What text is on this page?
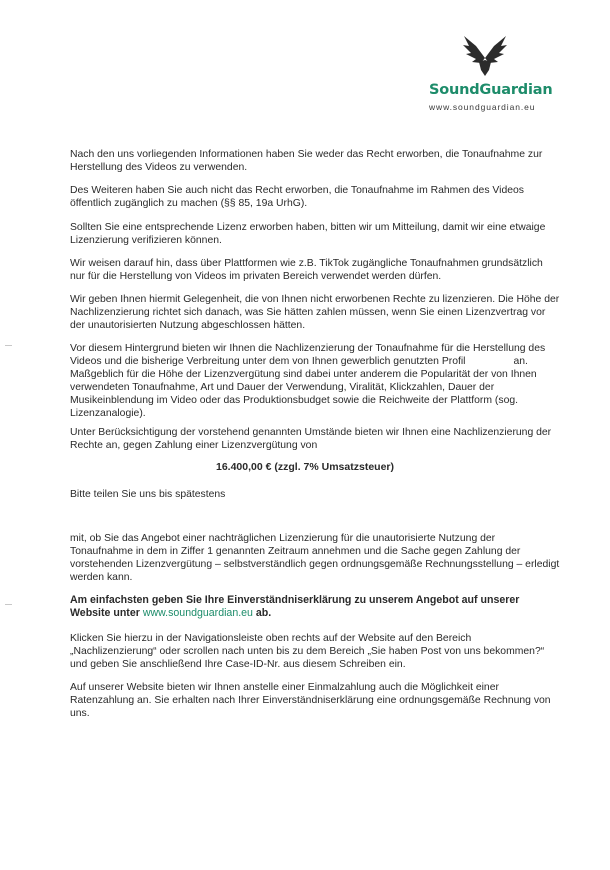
SoundGuardian
www.soundguardian.eu

Nach den uns vorliegenden Informationen haben Sie weder das Recht erworben, die Tonaufnahme zur Herstellung des Videos zu verwenden.

Des Weiteren haben Sie auch nicht das Recht erworben, die Tonaufnahme im Rahmen des Videos öffentlich zugänglich zu machen (§§ 85, 19a UrhG).

Sollten Sie eine entsprechende Lizenz erworben haben, bitten wir um Mitteilung, damit wir eine etwaige Lizenzierung verifizieren können.

Wir weisen darauf hin, dass über Plattformen wie z.B. TikTok zugängliche Tonaufnahmen grundsätzlich nur für die Herstellung von Videos im privaten Bereich verwendet werden dürfen.

Wir geben Ihnen hiermit Gelegenheit, die von Ihnen nicht erworbenen Rechte zu lizenzieren. Die Höhe der Nachlizenzierung richtet sich danach, was Sie hätten zahlen müssen, wenn Sie einen Lizenzvertrag vor der unautorisierten Nutzung abgeschlossen hätten.

Vor diesem Hintergrund bieten wir Ihnen die Nachlizenzierung der Tonaufnahme für die Herstellung des Videos und die bisherige Verbreitung unter dem von Ihnen gewerblich genutzten Profil	an. Maßgeblich für die Höhe der Lizenzvergütung sind dabei unter anderem die Popularität der von Ihnen verwendeten Tonaufnahme, Art und Dauer der Verwendung, Viralität, Klickzahlen, Dauer der Musikeinblendung im Video oder das Produktionsbudget sowie die Reichweite der Plattform (sog. Lizenzanalogie).

Unter Berücksichtigung der vorstehend genannten Umstände bieten wir Ihnen eine Nachlizenzierung der Rechte an, gegen Zahlung einer Lizenzvergütung von

16.400,00 € (zzgl. 7% Umsatzsteuer)

Bitte teilen Sie uns bis spätestens

mit, ob Sie das Angebot einer nachträglichen Lizenzierung für die unautorisierte Nutzung der Tonaufnahme in dem in Ziffer 1 genannten Zeitraum annehmen und die Sache gegen Zahlung der vorstehenden Lizenzvergütung – selbstverständlich gegen ordnungsgemäße Rechnungsstellung – erledigt werden kann.

Am einfachsten geben Sie Ihre Einverständniserklärung zu unserem Angebot auf unserer Website unter www.soundguardian.eu ab.

Klicken Sie hierzu in der Navigationsleiste oben rechts auf der Website auf den Bereich „Nachlizenzierung“ oder scrollen nach unten bis zu dem Bereich „Sie haben Post von uns bekommen?“ und geben Sie anschließend Ihre Case-ID-Nr. aus diesem Schreiben ein.

Auf unserer Website bieten wir Ihnen anstelle einer Einmalzahlung auch die Möglichkeit einer Ratenzahlung an. Sie erhalten nach Ihrer Einverständniserklärung eine ordnungsgemäße Rechnung von uns.
